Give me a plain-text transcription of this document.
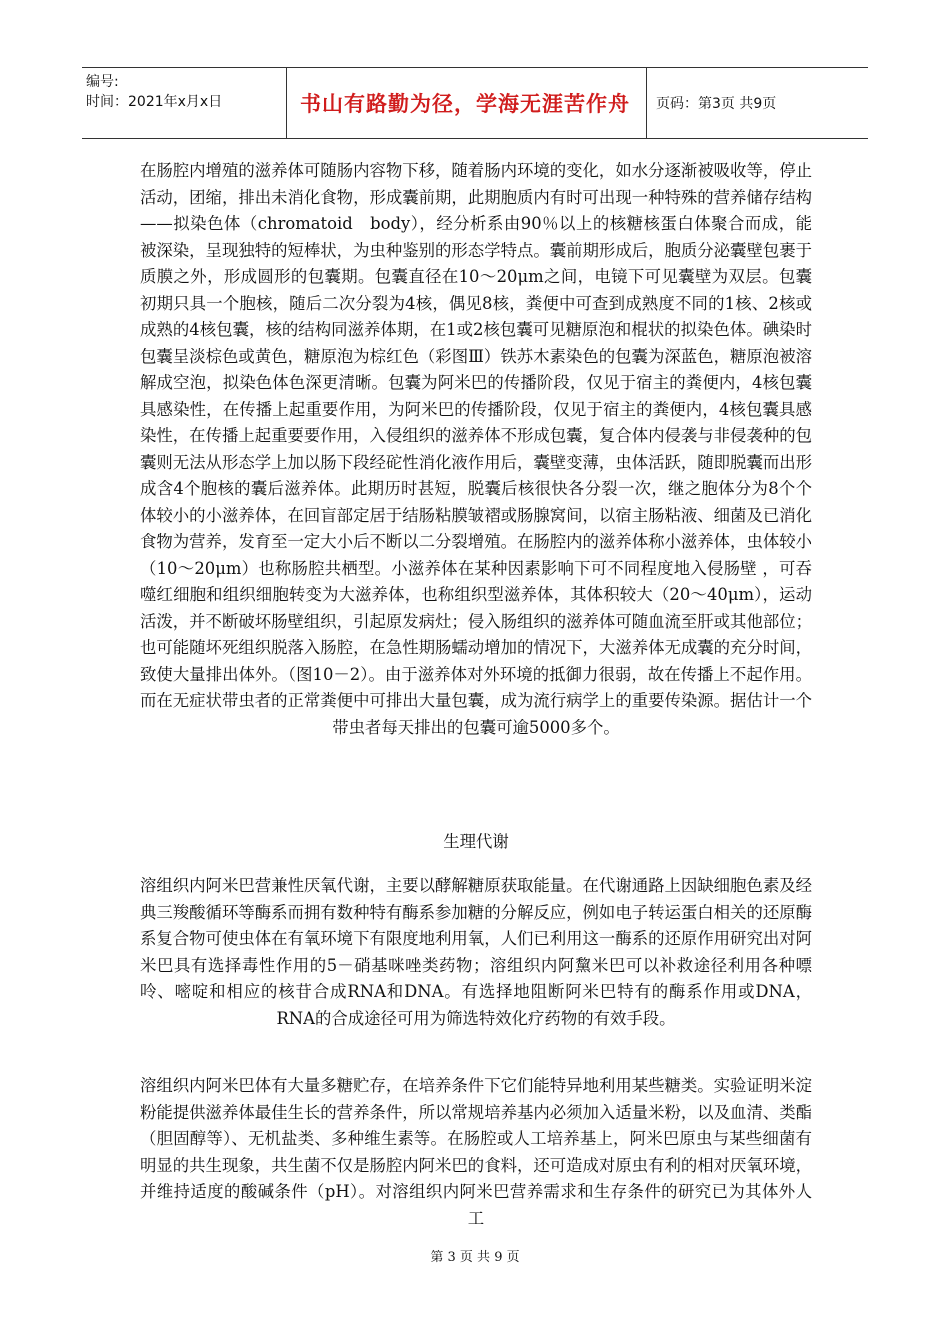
编号:
时间：2021年x月x日	书山有路勤为径，学海无涯苦作舟	页码：第3页 共9页

在肠腔内增殖的滋养体可随肠内容物下移，随着肠内环境的变化，如水分逐渐被吸收等，停止活动，团缩，排出未消化食物，形成囊前期，此期胞质内有时可出现一种特殊的营养储存结构　　——拟染色体（chromatoid　body），经分析系由90％以上的核糖核蛋白体聚合而成，能被深染，呈现独特的短棒状，为虫种鉴别的形态学特点。囊前期形成后，胞质分泌囊壁包裹于质膜之外，形成圆形的包囊期。包囊直径在10～20μm之间，电镜下可见囊壁为双层。包囊初期只具一个胞核，随后二次分裂为4核，偶见8核，粪便中可查到成熟度不同的1核、2核或成熟的4核包囊，核的结构同滋养体期，在1或2核包囊可见糖原泡和棍状的拟染色体。碘染时包囊呈淡棕色或黄色，糖原泡为棕红色（彩图Ⅲ）铁苏木素染色的包囊为深蓝色，糖原泡被溶解成空泡，拟染色体色深更清晰。包囊为阿米巴的传播阶段，仅见于宿主的粪便内，4核包囊具感染性，在传播上起重要作用，为阿米巴的传播阶段，仅见于宿主的粪便内，4核包囊具感染性，在传播上起重要要作用，入侵组织的滋养体不形成包囊，复合体内侵袭与非侵袭种的包囊则无法从形态学上加以肠下段经砣性消化液作用后，囊壁变薄，虫体活跃，随即脱囊而出形成含4个胞核的囊后滋养体。此期历时甚短，脱囊后核很快各分裂一次，继之胞体分为8个个体较小的小滋养体，在回盲部定居于结肠粘膜皱褶或肠腺窝间，以宿主肠粘液、细菌及已消化食物为营养，发育至一定大小后不断以二分裂增殖。在肠腔内的滋养体称小滋养体，虫体较小（10～20μm）也称肠腔共栖型。小滋养体在某种因素影响下可不同程度地入侵肠壁 ，可吞噬红细胞和组织细胞转变为大滋养体，也称组织型滋养体，其体积较大（20～40μm），运动活泼，并不断破坏肠壁组织，引起原发病灶；侵入肠组织的滋养体可随血流至肝或其他部位；也可能随坏死组织脱落入肠腔，在急性期肠蠕动增加的情况下，大滋养体无成囊的充分时间，致使大量排出体外。（图10－2）。由于滋养体对外环境的抵御力很弱，故在传播上不起作用。而在无症状带虫者的正常粪便中可排出大量包囊，成为流行病学上的重要传染源。据估计一个带虫者每天排出的包囊可逾5000多个。

生理代谢

溶组织内阿米巴营兼性厌氧代谢，主要以酵解糖原获取能量。在代谢通路上因缺细胞色素及经典三羧酸循环等酶系而拥有数种特有酶系参加糖的分解反应，例如电子转运蛋白相关的还原酶系复合物可使虫体在有氧环境下有限度地利用氧，人们已利用这一酶系的还原作用研究出对阿米巴具有选择毒性作用的5－硝基咪唑类药物；溶组织内阿黧米巴可以补救途径利用各种嘌呤、嘧啶和相应的核苷合成RNA和DNA。有选择地阻断阿米巴特有的酶系作用或DNA，RNA的合成途径可用为筛选特效化疗药物的有效手段。

溶组织内阿米巴体有大量多糖贮存，在培养条件下它们能特异地利用某些糖类。实验证明米淀粉能提供滋养体最佳生长的营养条件，所以常规培养基内必须加入适量米粉，以及血清、类酯（胆固醇等）、无机盐类、多种维生素等。在肠腔或人工培养基上，阿米巴原虫与某些细菌有明显的共生现象，共生菌不仅是肠腔内阿米巴的食料，还可造成对原虫有利的相对厌氧环境，并维持适度的酸碱条件（pH）。对溶组织内阿米巴营养需求和生存条件的研究已为其体外人工

第 3 页 共 9 页
